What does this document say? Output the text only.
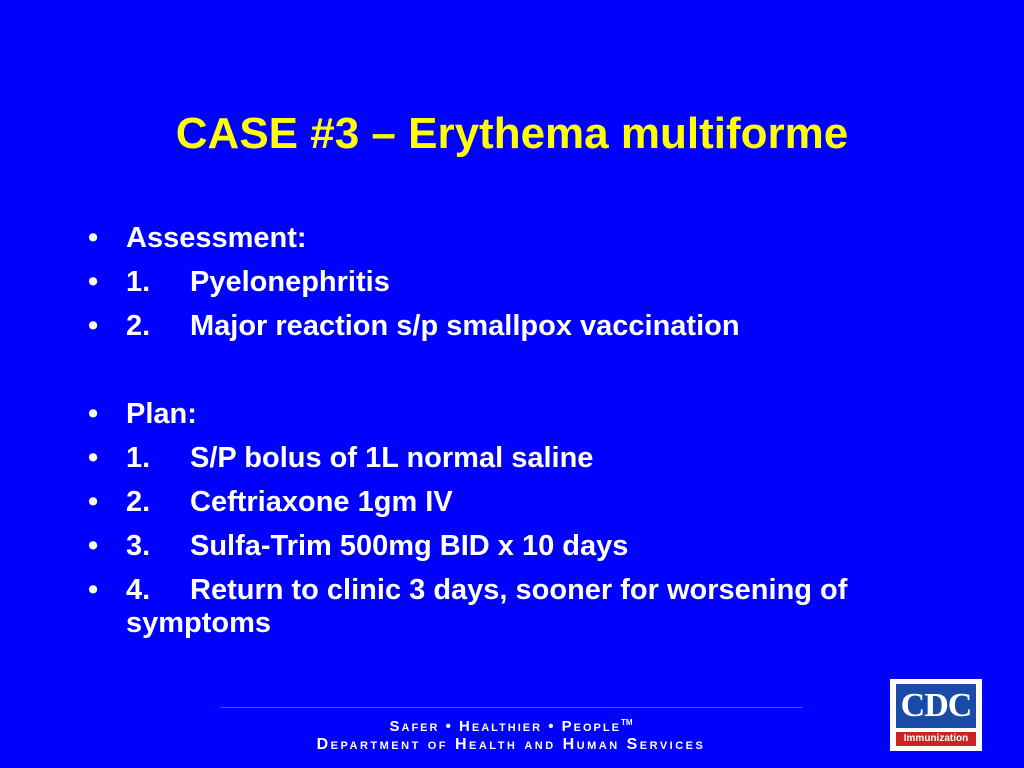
CASE #3 – Erythema multiforme
• Assessment:
• 1. Pyelonephritis
• 2. Major reaction s/p smallpox vaccination
• Plan:
• 1. S/P bolus of 1L normal saline
• 2. Ceftriaxone 1gm IV
• 3. Sulfa-Trim 500mg BID x 10 days
• 4. Return to clinic 3 days, sooner for worsening of symptoms
Safer • Healthier • People™
Department of Health and Human Services
CDC
Immunization
